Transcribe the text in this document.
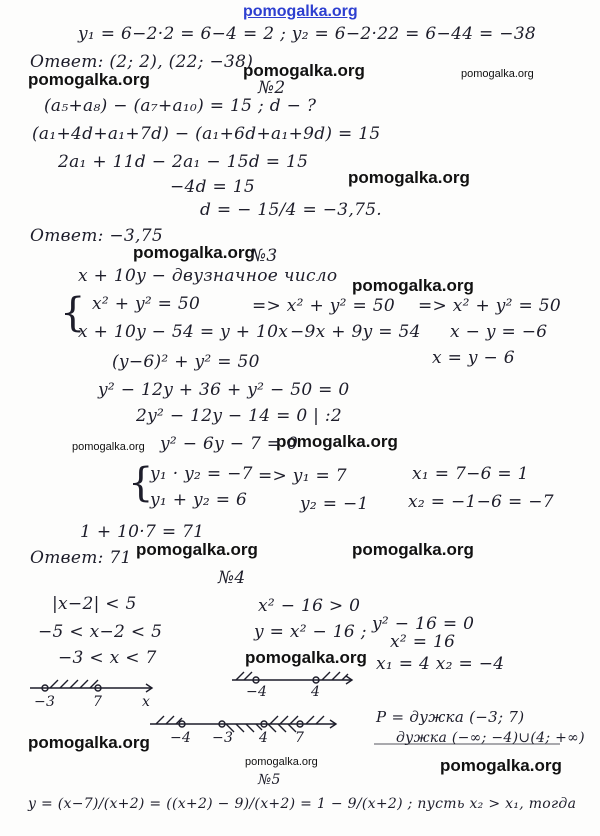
pomogalka.org
pomogalka.org	pomogalka.org	pomogalka.org
pomogalka.org
pomogalka.org
pomogalka.org
pomogalka.org	pomogalka.org
pomogalka.org	pomogalka.org
pomogalka.org
pomogalka.org
pomogalka.org	pomogalka.org
y₁ = 6−2·2 = 6−4 = 2 ; y₂ = 6−2·22 = 6−44 = −38
Ответ: (2; 2), (22; −38)
№2
(a₅+a₈) − (a₇+a₁₀) = 15 ; d − ?
(a₁+4d+a₁+7d) − (a₁+6d+a₁+9d) = 15
2a₁ + 11d − 2a₁ − 15d = 15
−4d = 15
d = − 15/4 = −3,75.
Ответ: −3,75
№3
x + 10y − двузначное число
{ x² + y² = 50
x + 10y − 54 = y + 10x
=> x² + y² = 50
−9x + 9y = 54
=> x² + y² = 50
x − y = −6
x = y − 6
(y−6)² + y² = 50
y² − 12y + 36 + y² − 50 = 0
2y² − 12y − 14 = 0 | :2
y² − 6y − 7 = 0
{
y₁ · y₂ = −7
y₁ + y₂ = 6
=> y₁ = 7
y₂ = −1
x₁ = 7−6 = 1
x₂ = −1−6 = −7
1 + 10·7 = 71
Ответ: 71
№4
|x−2| < 5
−5 < x−2 < 5
−3 < x < 7
x² − 16 > 0
y = x² − 16 ; y² − 16 = 0
x² = 16
x₁ = 4 x₂ = −4
−3	7	x
−4	4
−4 −3 4 7
P = дужка (−3; 7)
дужка (−∞; −4)∪(4; +∞)
№5
y = (x−7)/(x+2) = ((x+2) − 9)/(x+2) = 1 − 9/(x+2) ; пусть x₂ > x₁, тогда
